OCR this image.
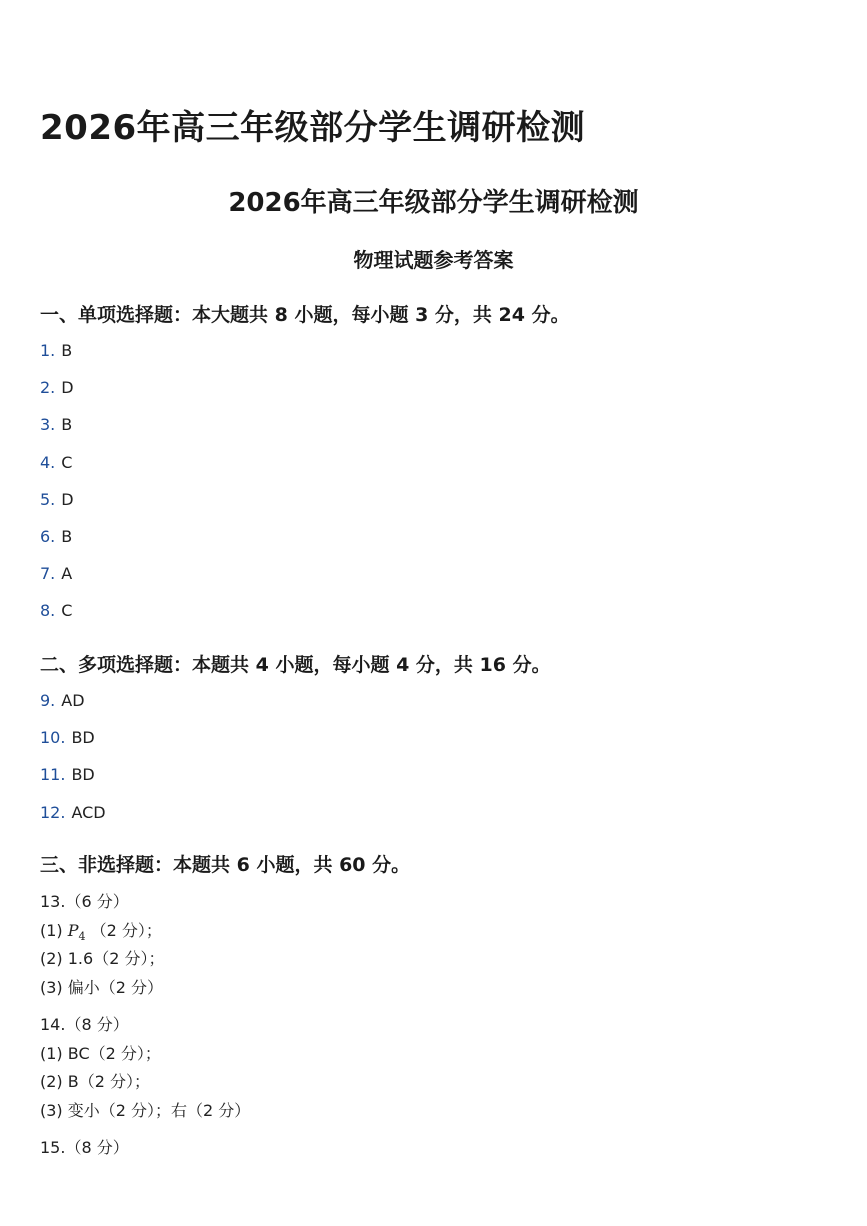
2026年高三年级部分学生调研检测
2026年高三年级部分学生调研检测
物理试题参考答案
一、单项选择题：本大题共 8 小题，每小题 3 分，共 24 分。
1. B
2. D
3. B
4. C
5. D
6. B
7. A
8. C
二、多项选择题：本题共 4 小题，每小题 4 分，共 16 分。
9. AD
10. BD
11. BD
12. ACD
三、非选择题：本题共 6 小题，共 60 分。
13.（6 分）
(1) $P_4$ （2 分）；
(2) 1.6（2 分）；
(3) 偏小（2 分）
14.（8 分）
(1) BC（2 分）；
(2) B（2 分）；
(3) 变小（2 分）；右（2 分）
15.（8 分）
